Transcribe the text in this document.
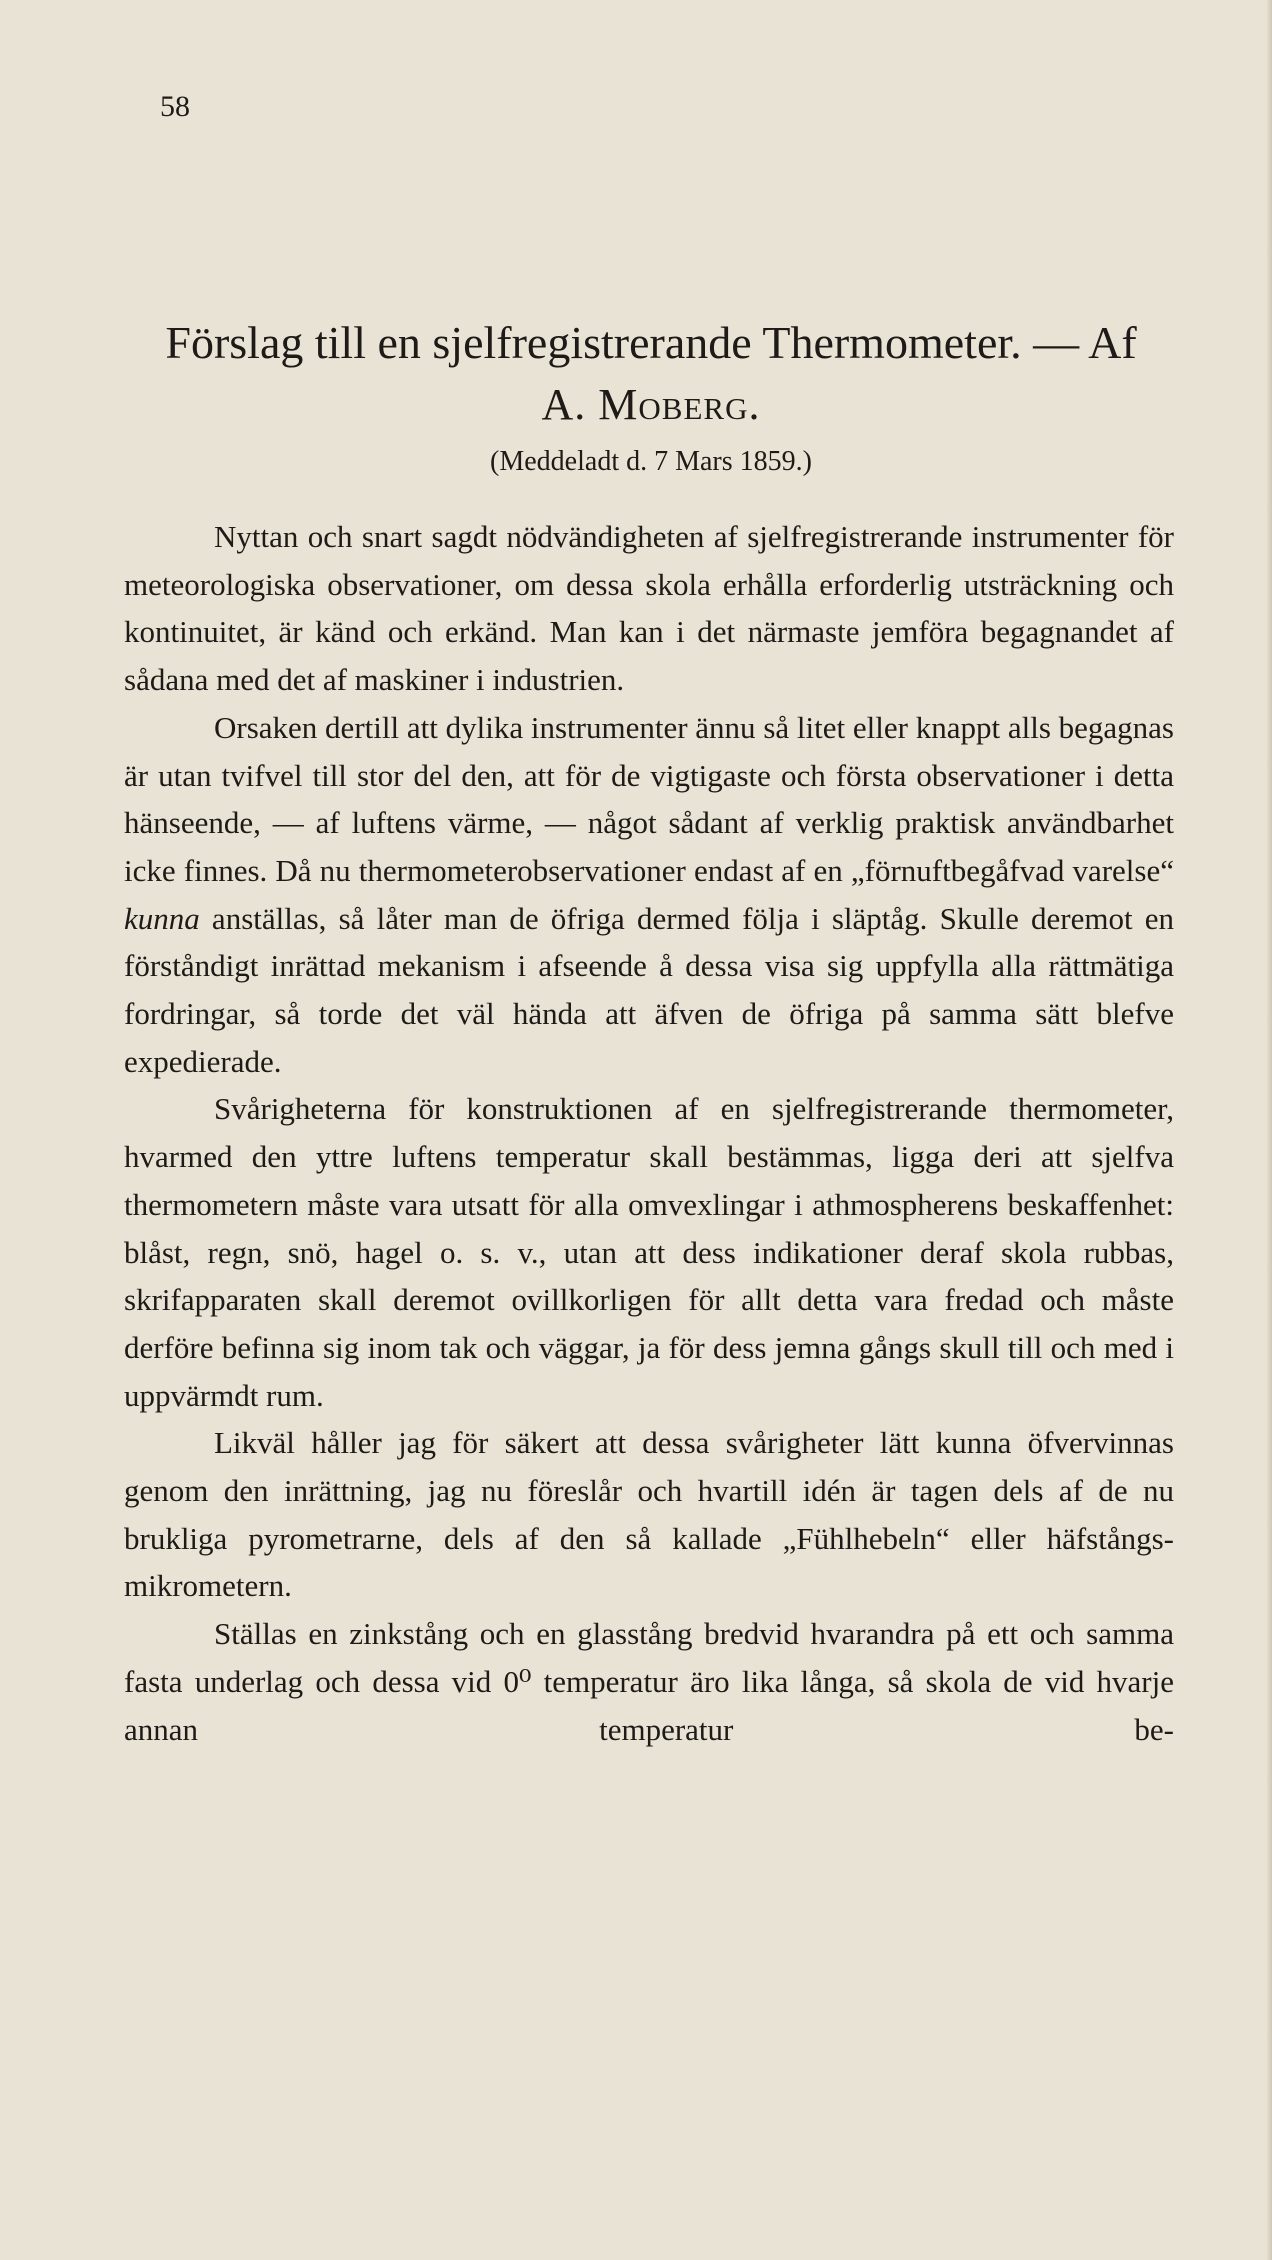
58
Förslag till en sjelfregistrerande Thermometer. — Af
A. Moberg.
(Meddeladt d. 7 Mars 1859.)

Nyttan och snart sagdt nödvändigheten af sjelfregistrerande instrumenter för meteorologiska observationer, om dessa skola erhålla erforderlig utsträckning och kontinuitet, är känd och erkänd. Man kan i det närmaste jemföra begagnandet af sådana med det af maskiner i industrien.

Orsaken dertill att dylika instrumenter ännu så litet eller knappt alls begagnas är utan tvifvel till stor del den, att för de vigtigaste och första observationer i detta hänseende, — af luftens värme, — något sådant af verklig praktisk användbarhet icke finnes. Då nu thermometerobservationer endast af en „förnuftbegåfvad varelse“ kunna anställas, så låter man de öfriga dermed följa i släptåg. Skulle deremot en förståndigt inrättad mekanism i afseende å dessa visa sig uppfylla alla rättmätiga fordringar, så torde det väl hända att äfven de öfriga på samma sätt blefve expedierade.

Svårigheterna för konstruktionen af en sjelfregistrerande thermometer, hvarmed den yttre luftens temperatur skall bestämmas, ligga deri att sjelfva thermometern måste vara utsatt för alla omvexlingar i athmospherens beskaffenhet: blåst, regn, snö, hagel o. s. v., utan att dess indikationer deraf skola rubbas, skrifapparaten skall deremot ovillkorligen för allt detta vara fredad och måste derföre befinna sig inom tak och väggar, ja för dess jemna gångs skull till och med i uppvärmdt rum.

Likväl håller jag för säkert att dessa svårigheter lätt kunna öfvervinnas genom den inrättning, jag nu föreslår och hvartill idén är tagen dels af de nu brukliga pyrometrarne, dels af den så kallade „Fühlhebeln“ eller häfstångs-mikrometern.

Ställas en zinkstång och en glasstång bredvid hvarandra på ett och samma fasta underlag och dessa vid 0⁰ temperatur äro lika långa, så skola de vid hvarje annan temperatur be-
